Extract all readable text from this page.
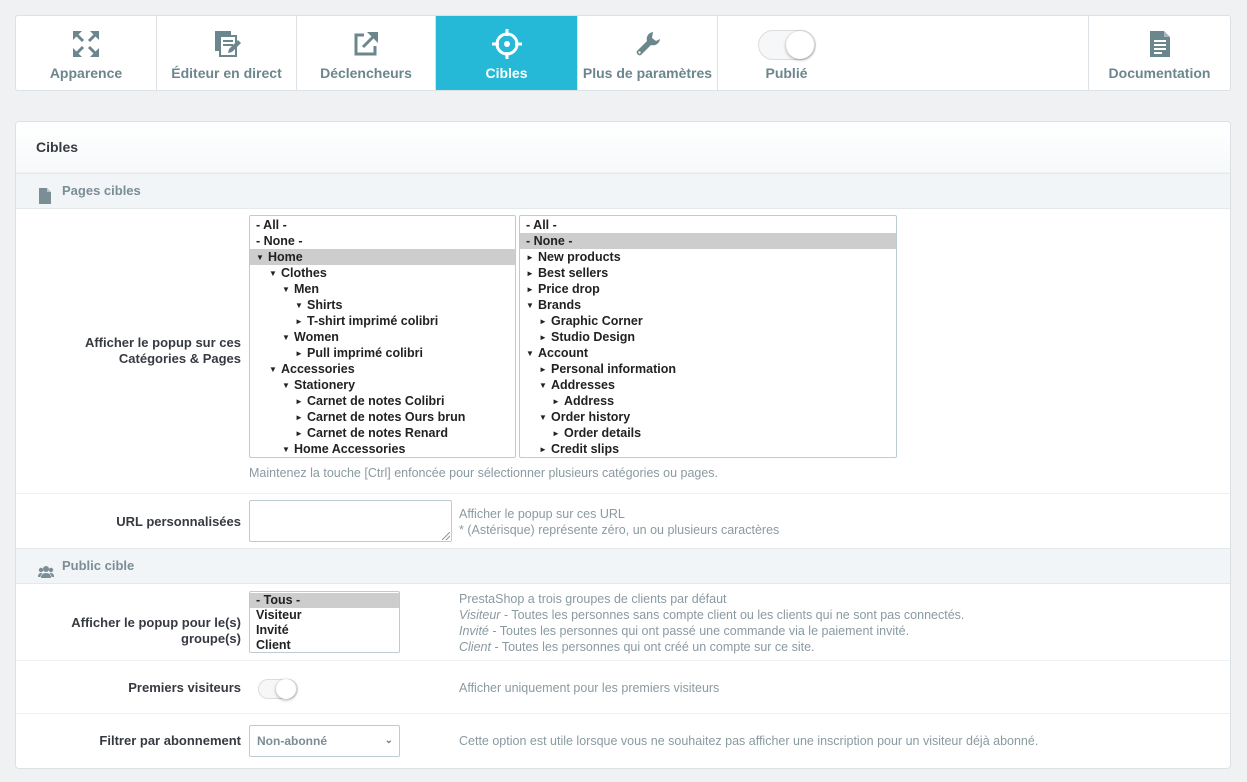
Apparence	Éditeur en direct	Déclencheurs	Cibles	Plus de paramètres	Publié	Documentation
Cibles
Pages cibles
Afficher le popup sur ces Catégories & Pages
- All -
- None -
▼ Home
▼ Clothes
▼ Men
▼ Shirts
► T-shirt imprimé colibri
▼ Women
► Pull imprimé colibri
▼ Accessories
▼ Stationery
► Carnet de notes Colibri
► Carnet de notes Ours brun
► Carnet de notes Renard
▼ Home Accessories
- All -
- None -
► New products
► Best sellers
► Price drop
▼ Brands
► Graphic Corner
► Studio Design
▼ Account
► Personal information
▼ Addresses
► Address
▼ Order history
► Order details
► Credit slips
Maintenez la touche [Ctrl] enfoncée pour sélectionner plusieurs catégories ou pages.
URL personnalisées	Afficher le popup sur ces URL
* (Astérisque) représente zéro, un ou plusieurs caractères
Public cible
Afficher le popup pour le(s) groupe(s)
- Tous -
Visiteur
Invité
Client
PrestaShop a trois groupes de clients par défaut
Visiteur - Toutes les personnes sans compte client ou les clients qui ne sont pas connectés.
Invité - Toutes les personnes qui ont passé une commande via le paiement invité.
Client - Toutes les personnes qui ont créé un compte sur ce site.
Premiers visiteurs	Afficher uniquement pour les premiers visiteurs
Filtrer par abonnement	Non-abonné	⌄	Cette option est utile lorsque vous ne souhaitez pas afficher une inscription pour un visiteur déjà abonné.
